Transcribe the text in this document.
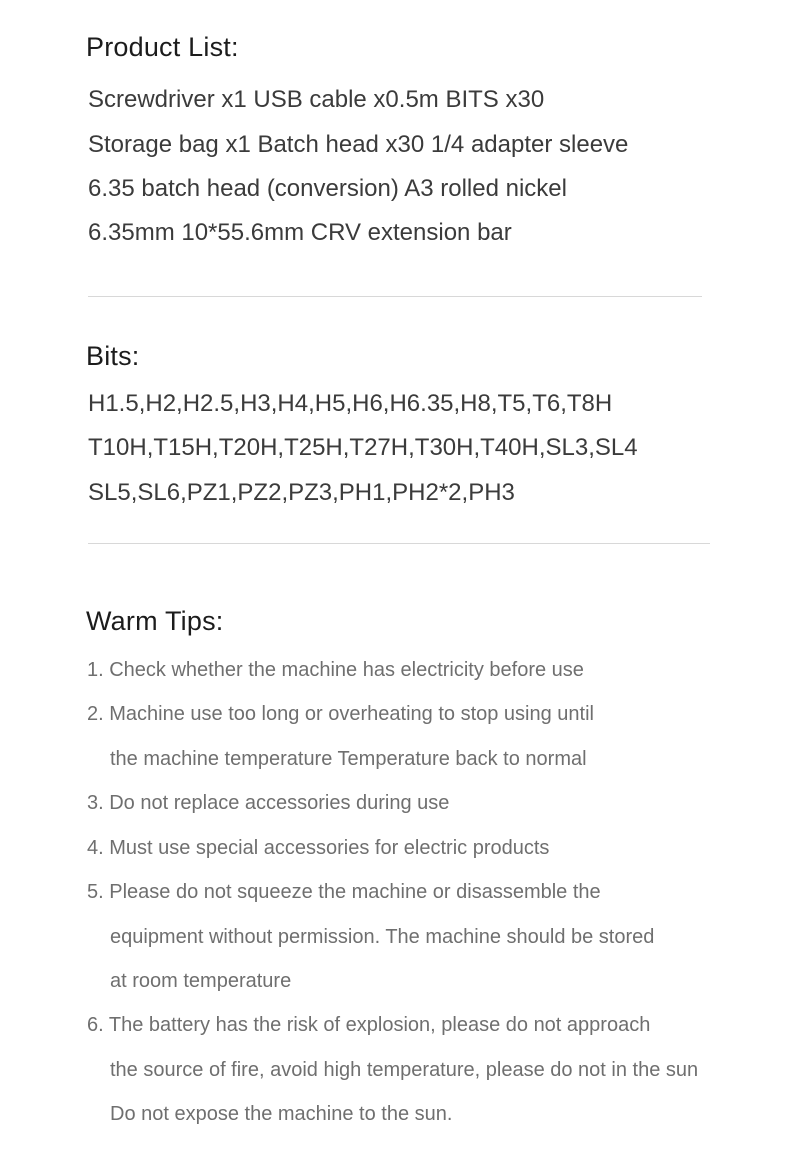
Product List:

Screwdriver x1 USB cable x0.5m BITS x30

Storage bag x1 Batch head x30 1/4 adapter sleeve

6.35 batch head (conversion) A3 rolled nickel

6.35mm 10*55.6mm CRV extension bar

Bits:

H1.5,H2,H2.5,H3,H4,H5,H6,H6.35,H8,T5,T6,T8H

T10H,T15H,T20H,T25H,T27H,T30H,T40H,SL3,SL4

SL5,SL6,PZ1,PZ2,PZ3,PH1,PH2*2,PH3

Warm Tips:

1. Check whether the machine has electricity before use

2. Machine use too long or overheating to stop using until

the machine temperature Temperature back to normal

3. Do not replace accessories during use

4. Must use special accessories for electric products

5. Please do not squeeze the machine or disassemble the

equipment without permission. The machine should be stored

at room temperature

6. The battery has the risk of explosion, please do not approach

the source of fire, avoid high temperature, please do not in the sun

Do not expose the machine to the sun.
